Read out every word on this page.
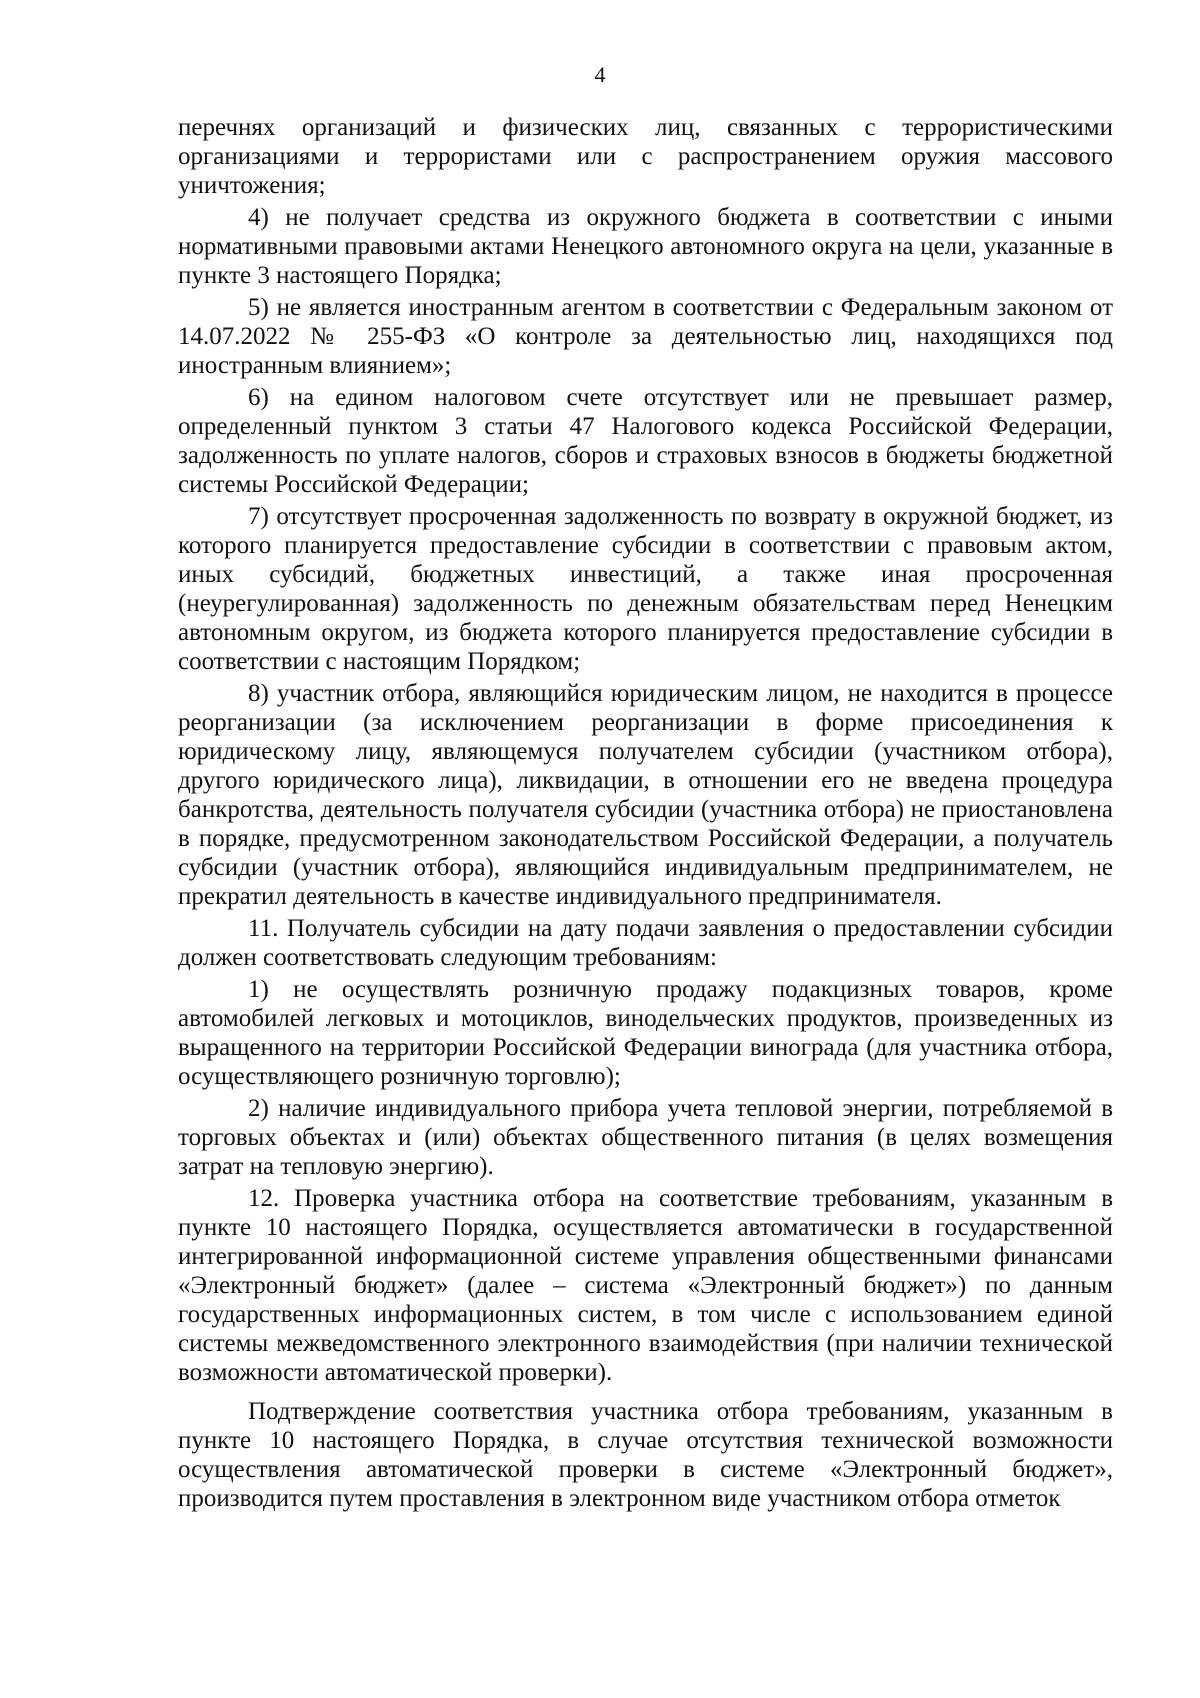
4

перечнях организаций и физических лиц, связанных с террористическими организациями и террористами или с распространением оружия массового уничтожения;

4) не получает средства из окружного бюджета в соответствии с иными нормативными правовыми актами Ненецкого автономного округа на цели, указанные в пункте 3 настоящего Порядка;

5) не является иностранным агентом в соответствии с Федеральным законом от 14.07.2022 № 255-ФЗ «О контроле за деятельностью лиц, находящихся под иностранным влиянием»;

6) на едином налоговом счете отсутствует или не превышает размер, определенный пунктом 3 статьи 47 Налогового кодекса Российской Федерации, задолженность по уплате налогов, сборов и страховых взносов в бюджеты бюджетной системы Российской Федерации;

7) отсутствует просроченная задолженность по возврату в окружной бюджет, из которого планируется предоставление субсидии в соответствии с правовым актом, иных субсидий, бюджетных инвестиций, а также иная просроченная (неурегулированная) задолженность по денежным обязательствам перед Ненецким автономным округом, из бюджета которого планируется предоставление субсидии в соответствии с настоящим Порядком;

8) участник отбора, являющийся юридическим лицом, не находится в процессе реорганизации (за исключением реорганизации в форме присоединения к юридическому лицу, являющемуся получателем субсидии (участником отбора), другого юридического лица), ликвидации, в отношении его не введена процедура банкротства, деятельность получателя субсидии (участника отбора) не приостановлена в порядке, предусмотренном законодательством Российской Федерации, а получатель субсидии (участник отбора), являющийся индивидуальным предпринимателем, не прекратил деятельность в качестве индивидуального предпринимателя.

11. Получатель субсидии на дату подачи заявления о предоставлении субсидии должен соответствовать следующим требованиям:

1) не осуществлять розничную продажу подакцизных товаров, кроме автомобилей легковых и мотоциклов, винодельческих продуктов, произведенных из выращенного на территории Российской Федерации винограда (для участника отбора, осуществляющего розничную торговлю);

2) наличие индивидуального прибора учета тепловой энергии, потребляемой в торговых объектах и (или) объектах общественного питания (в целях возмещения затрат на тепловую энергию).

12. Проверка участника отбора на соответствие требованиям, указанным в пункте 10 настоящего Порядка, осуществляется автоматически в государственной интегрированной информационной системе управления общественными финансами «Электронный бюджет» (далее – система «Электронный бюджет») по данным государственных информационных систем, в том числе с использованием единой системы межведомственного электронного взаимодействия (при наличии технической возможности автоматической проверки).

Подтверждение соответствия участника отбора требованиям, указанным в пункте 10 настоящего Порядка, в случае отсутствия технической возможности осуществления автоматической проверки в системе «Электронный бюджет», производится путем проставления в электронном виде участником отбора отметок
